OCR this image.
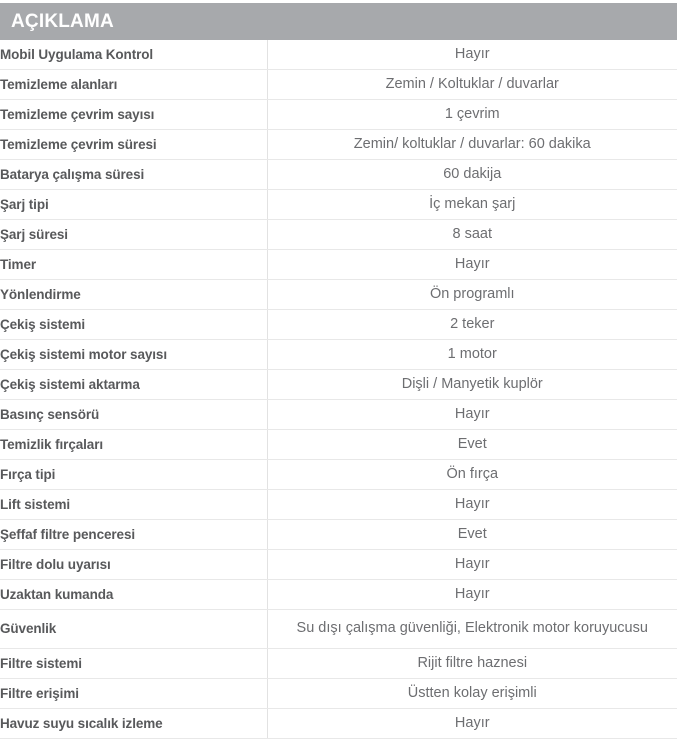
AÇIKLAMA
Mobil Uygulama Kontrol	Hayır
Temizleme alanları	Zemin / Koltuklar / duvarlar
Temizleme çevrim sayısı	1 çevrim
Temizleme çevrim süresi	Zemin/ koltuklar / duvarlar: 60 dakika
Batarya çalışma süresi	60 dakija
Şarj tipi	İç mekan şarj
Şarj süresi	8 saat
Timer	Hayır
Yönlendirme	Ön programlı
Çekiş sistemi	2 teker
Çekiş sistemi motor sayısı	1 motor
Çekiş sistemi aktarma	Dişli / Manyetik kuplör
Basınç sensörü	Hayır
Temizlik fırçaları	Evet
Fırça tipi	Ön fırça
Lift sistemi	Hayır
Şeffaf filtre penceresi	Evet
Filtre dolu uyarısı	Hayır
Uzaktan kumanda	Hayır
Güvenlik	Su dışı çalışma güvenliği, Elektronik motor koruyucusu
Filtre sistemi	Rijit filtre haznesi
Filtre erişimi	Üstten kolay erişimli
Havuz suyu sıcalık izleme	Hayır
